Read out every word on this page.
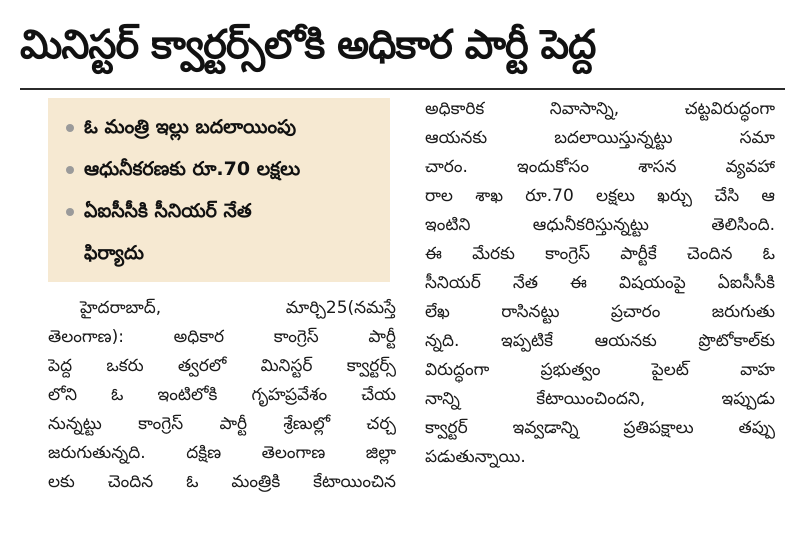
మినిస్టర్ క్వార్టర్స్‌లోకి అధికార పార్టీ పెద్ద
ఓ మంత్రి ఇల్లు బదలాయింపు
ఆధునీకరణకు రూ.70 లక్షలు
ఏఐసీసీకి సీనియర్ నేత
ఫిర్యాదు
హైదరాబాద్, మార్చి25(నమస్తే
తెలంగాణ): అధికార కాంగ్రెస్ పార్టీ
పెద్ద ఒకరు త్వరలో మినిస్టర్ క్వార్టర్స్
లోని ఓ ఇంటిలోకి గృహప్రవేశం చేయ
నున్నట్టు కాంగ్రెస్ పార్టీ శ్రేణుల్లో చర్చ
జరుగుతున్నది. దక్షిణ తెలంగాణ జిల్లా
లకు చెందిన ఓ మంత్రికి కేటాయించిన
అధికారిక నివాసాన్ని, చట్టవిరుద్ధంగా
ఆయనకు బదలాయిస్తున్నట్టు సమా
చారం. ఇందుకోసం శాసన వ్యవహా
రాల శాఖ రూ.70 లక్షలు ఖర్చు చేసి ఆ
ఇంటిని ఆధునీకరిస్తున్నట్టు తెలిసింది.
ఈ మేరకు కాంగ్రెస్ పార్టీకే చెందిన ఓ
సీనియర్ నేత ఈ విషయంపై ఏఐసీసీకి
లేఖ రాసినట్టు ప్రచారం జరుగుతు
న్నది. ఇప్పటికే ఆయనకు ప్రొటోకాల్‌కు
విరుద్ధంగా ప్రభుత్వం పైలట్ వాహ
నాన్ని కేటాయించిందని, ఇప్పుడు
క్వార్టర్ ఇవ్వడాన్ని ప్రతిపక్షాలు తప్పు
పడుతున్నాయి.
